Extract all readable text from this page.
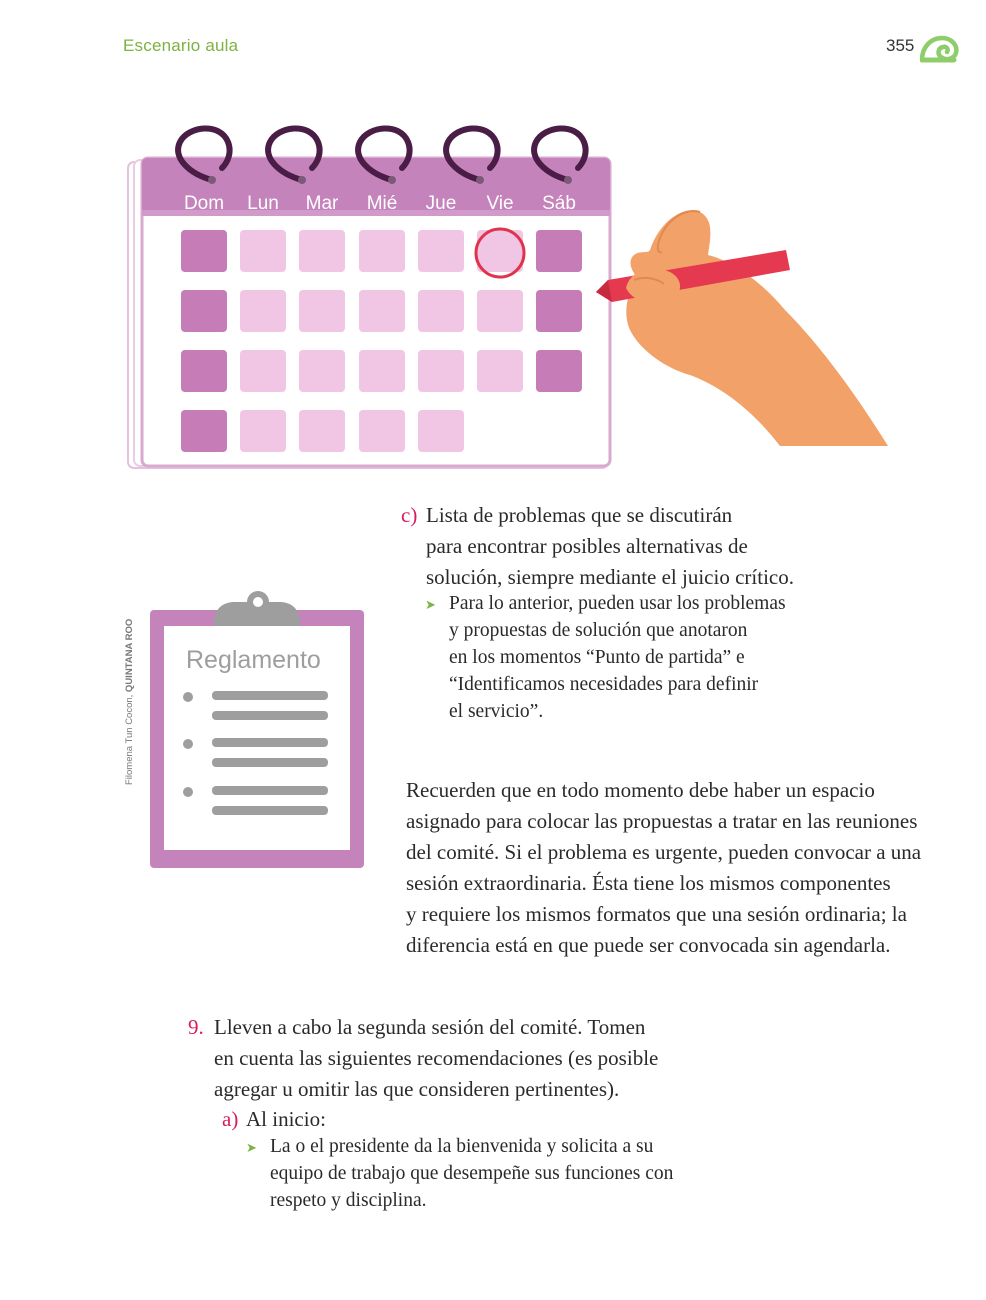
Escenario aula	355
Dom Lun Mar Mié Jue Vie Sáb
Reglamento
Filomena Tun Cocon, QUINTANA ROO
c) Lista de problemas que se discutirán
para encontrar posibles alternativas de
solución, siempre mediante el juicio crítico.
➤ Para lo anterior, pueden usar los problemas
y propuestas de solución que anotaron
en los momentos “Punto de partida” e
“Identificamos necesidades para definir
el servicio”.
Recuerden que en todo momento debe haber un espacio
asignado para colocar las propuestas a tratar en las reuniones
del comité. Si el problema es urgente, pueden convocar a una
sesión extraordinaria. Ésta tiene los mismos componentes
y requiere los mismos formatos que una sesión ordinaria; la
diferencia está en que puede ser convocada sin agendarla.
9. Lleven a cabo la segunda sesión del comité. Tomen
en cuenta las siguientes recomendaciones (es posible
agregar u omitir las que consideren pertinentes).
a) Al inicio:
➤ La o el presidente da la bienvenida y solicita a su
equipo de trabajo que desempeñe sus funciones con
respeto y disciplina.
